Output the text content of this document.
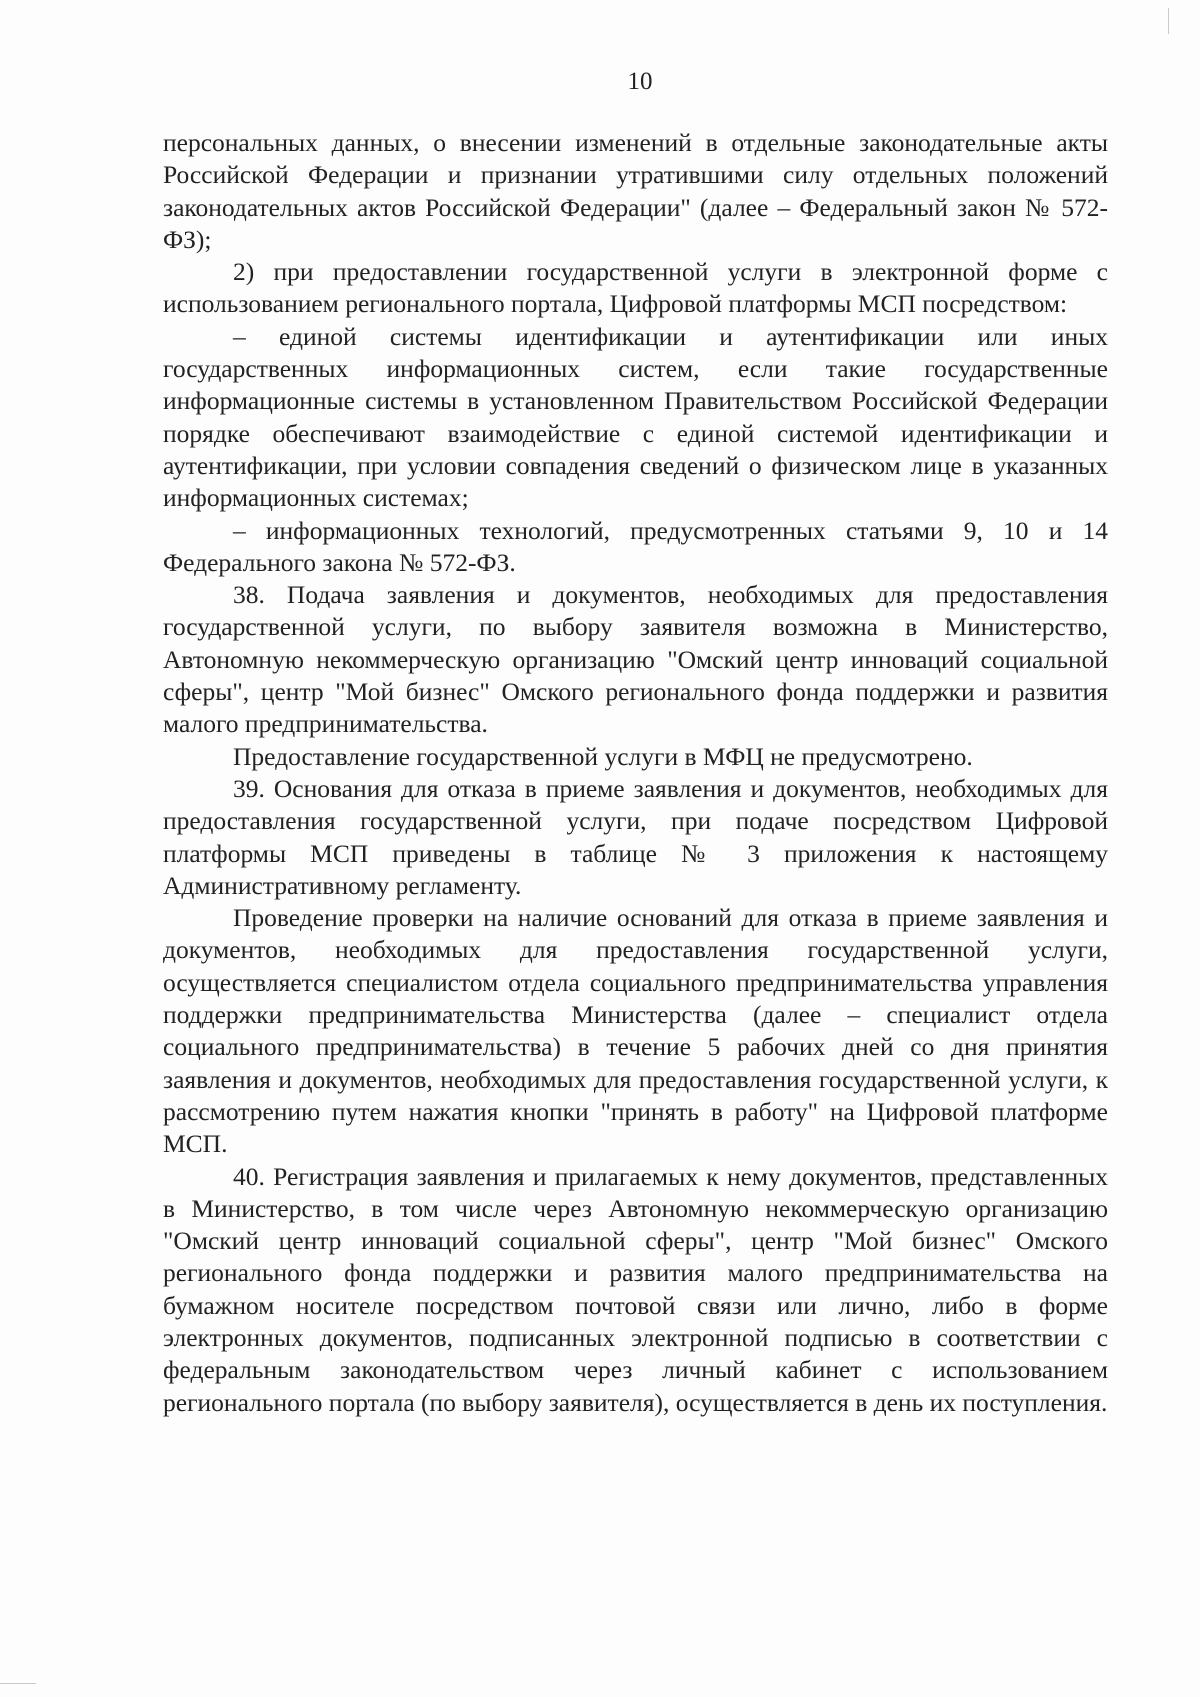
10

персональных данных, о внесении изменений в отдельные законодательные акты Российской Федерации и признании утратившими силу отдельных положений законодательных актов Российской Федерации" (далее – Федеральный закон № 572-ФЗ);

2) при предоставлении государственной услуги в электронной форме с использованием регионального портала, Цифровой платформы МСП посредством:

– единой системы идентификации и аутентификации или иных государственных информационных систем, если такие государственные информационные системы в установленном Правительством Российской Федерации порядке обеспечивают взаимодействие с единой системой идентификации и аутентификации, при условии совпадения сведений о физическом лице в указанных информационных системах;

– информационных технологий, предусмотренных статьями 9, 10 и 14 Федерального закона № 572-ФЗ.

38. Подача заявления и документов, необходимых для предоставления государственной услуги, по выбору заявителя возможна в Министерство, Автономную некоммерческую организацию "Омский центр инноваций социальной сферы", центр "Мой бизнес" Омского регионального фонда поддержки и развития малого предпринимательства.

Предоставление государственной услуги в МФЦ не предусмотрено.

39. Основания для отказа в приеме заявления и документов, необходимых для предоставления государственной услуги, при подаче посредством Цифровой платформы МСП приведены в таблице № 3 приложения к настоящему Административному регламенту.

Проведение проверки на наличие оснований для отказа в приеме заявления и документов, необходимых для предоставления государственной услуги, осуществляется специалистом отдела социального предпринимательства управления поддержки предпринимательства Министерства (далее – специалист отдела социального предпринимательства) в течение 5 рабочих дней со дня принятия заявления и документов, необходимых для предоставления государственной услуги, к рассмотрению путем нажатия кнопки "принять в работу" на Цифровой платформе МСП.

40. Регистрация заявления и прилагаемых к нему документов, представленных в Министерство, в том числе через Автономную некоммерческую организацию "Омский центр инноваций социальной сферы", центр "Мой бизнес" Омского регионального фонда поддержки и развития малого предпринимательства на бумажном носителе посредством почтовой связи или лично, либо в форме электронных документов, подписанных электронной подписью в соответствии с федеральным законодательством через личный кабинет с использованием регионального портала (по выбору заявителя), осуществляется в день их поступления.
